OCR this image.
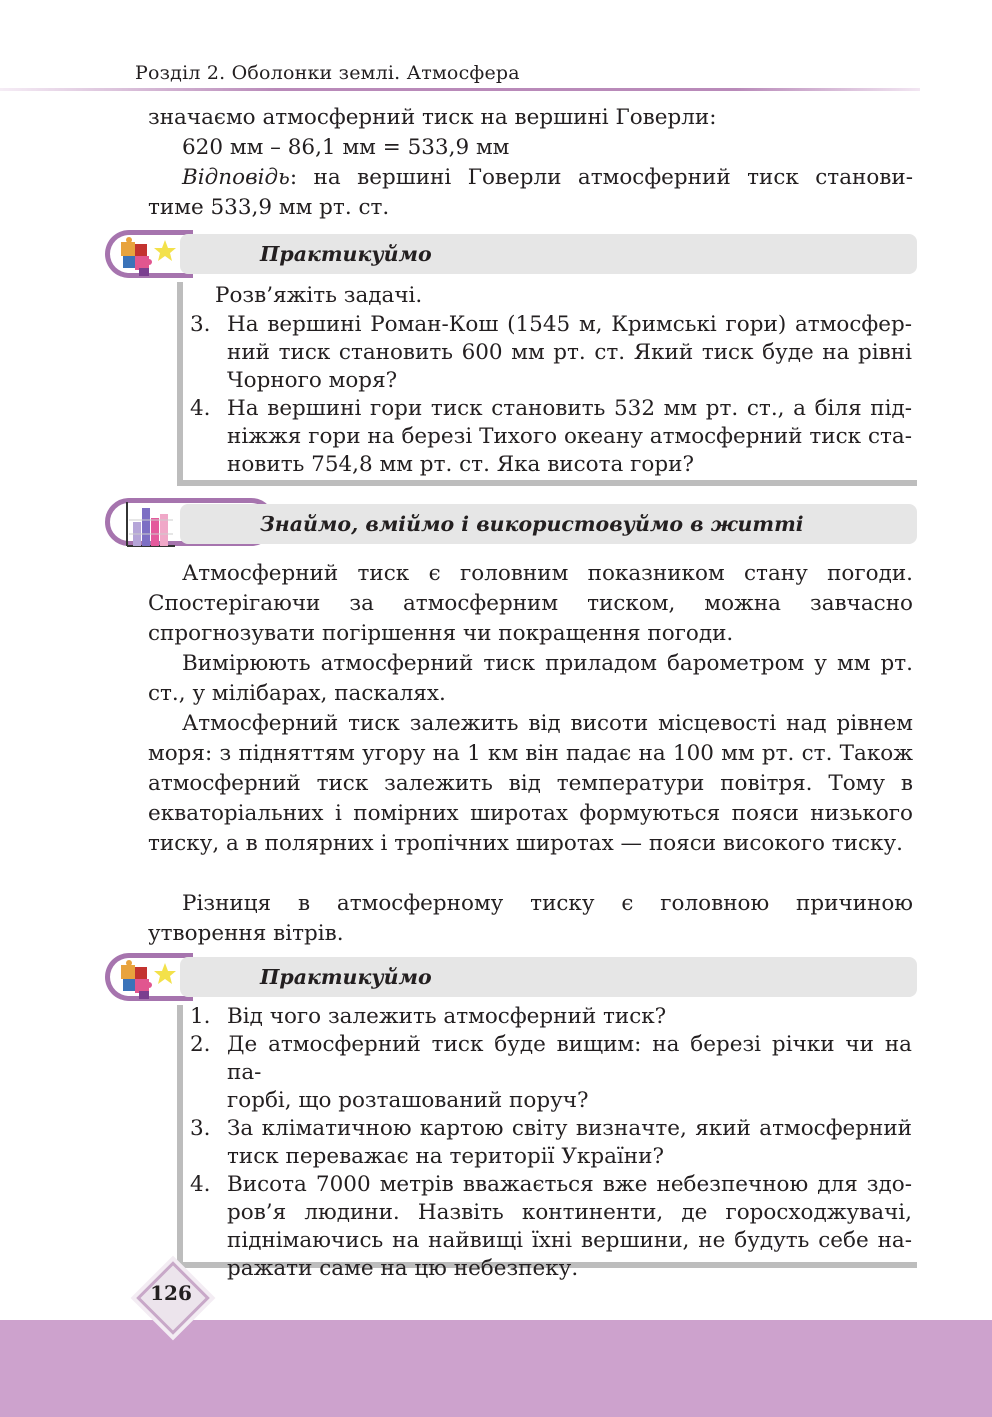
Розділ 2. Оболонки землі. Атмосфера
значаємо атмосферний тиск на вершині Говерли:
620 мм – 86,1 мм = 533,9 мм
Відповідь: на вершині Говерли атмосферний тиск станови-
тиме 533,9 мм рт. ст.
Практикуймо
Розв’яжіть задачі.
3. На вершині Роман-Кош (1545 м, Кримські гори) атмосфер-
ний тиск становить 600 мм рт. ст. Який тиск буде на рівні
Чорного моря?
4. На вершині гори тиск становить 532 мм рт. ст., а біля під-
ніжжя гори на березі Тихого океану атмосферний тиск ста-
новить 754,8 мм рт. ст. Яка висота гори?
Знаймо, вміймо і використовуймо в житті
Атмосферний тиск є головним показником стану погоди. Спостерігаючи за атмосферним тиском, можна завчасно спрогнозувати погіршення чи покращення погоди.
Вимірюють атмосферний тиск приладом барометром у мм рт. ст., у мілібарах, паскалях.
Атмосферний тиск залежить від висоти місцевості над рівнем моря: з підняттям угору на 1 км він падає на 100 мм рт. ст. Також атмосферний тиск залежить від температури повітря. Тому в екваторіальних і помірних широтах формуються пояси низького тиску, а в полярних і тропічних широтах — пояси високого тиску.
Різниця в атмосферному тиску є головною причиною утворення вітрів.
Практикуймо
1. Від чого залежить атмосферний тиск?
2. Де атмосферний тиск буде вищим: на березі річки чи на па-
горбі, що розташований поруч?
3. За кліматичною картою світу визначте, який атмосферний
тиск переважає на території України?
4. Висота 7000 метрів вважається вже небезпечною для здо-
ров’я людини. Назвіть континенти, де горосходжувачі,
піднімаючись на найвищі їхні вершини, не будуть себе на-
ражати саме на цю небезпеку.
126
